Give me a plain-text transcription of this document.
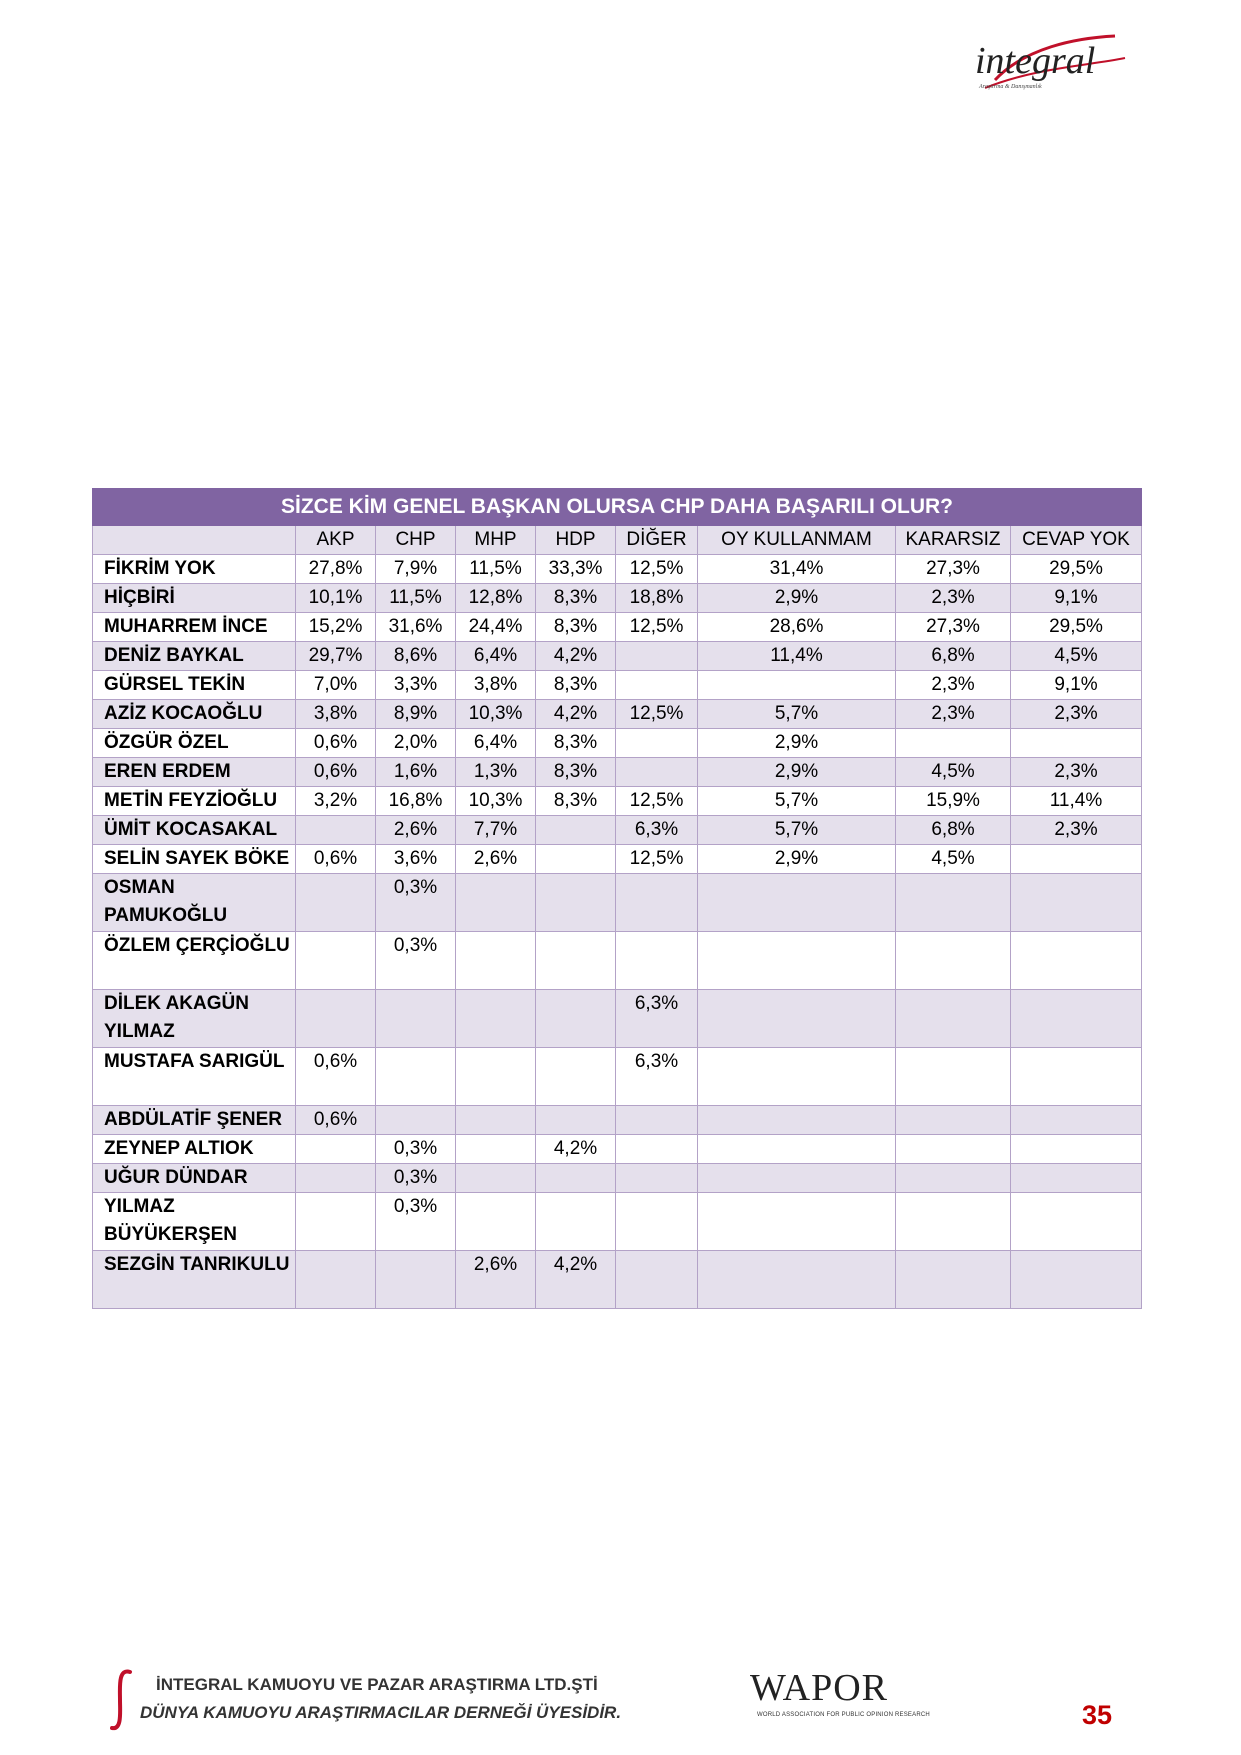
integral
Araştırma & Danışmanlık
SİZCE KİM GENEL BAŞKAN OLURSA CHP DAHA BAŞARILI OLUR?								
	AKP	CHP	MHP	HDP	DİĞER	OY KULLANMAM	KARARSIZ	CEVAP YOK
FİKRİM YOK	27,8%	7,9%	11,5%	33,3%	12,5%	31,4%	27,3%	29,5%
HİÇBİRİ	10,1%	11,5%	12,8%	8,3%	18,8%	2,9%	2,3%	9,1%
MUHARREM İNCE	15,2%	31,6%	24,4%	8,3%	12,5%	28,6%	27,3%	29,5%
DENİZ BAYKAL	29,7%	8,6%	6,4%	4,2%		11,4%	6,8%	4,5%
GÜRSEL TEKİN	7,0%	3,3%	3,8%	8,3%			2,3%	9,1%
AZİZ KOCAOĞLU	3,8%	8,9%	10,3%	4,2%	12,5%	5,7%	2,3%	2,3%
ÖZGÜR ÖZEL	0,6%	2,0%	6,4%	8,3%		2,9%		
EREN ERDEM	0,6%	1,6%	1,3%	8,3%		2,9%	4,5%	2,3%
METİN FEYZİOĞLU	3,2%	16,8%	10,3%	8,3%	12,5%	5,7%	15,9%	11,4%
ÜMİT KOCASAKAL		2,6%	7,7%		6,3%	5,7%	6,8%	2,3%
SELİN SAYEK BÖKE	0,6%	3,6%	2,6%		12,5%	2,9%	4,5%	
OSMAN PAMUKOĞLU		0,3%						
ÖZLEM ÇERÇİOĞLU		0,3%						
DİLEK AKAGÜN YILMAZ					6,3%			
MUSTAFA SARIGÜL	0,6%				6,3%			
ABDÜLATİF ŞENER	0,6%							
ZEYNEP ALTIOK		0,3%		4,2%				
UĞUR DÜNDAR		0,3%						
YILMAZ BÜYÜKERŞEN		0,3%						
SEZGİN TANRIKULU			2,6%	4,2%				
İNTEGRAL KAMUOYU VE PAZAR ARAŞTIRMA LTD.ŞTİ
DÜNYA KAMUOYU ARAŞTIRMACILAR DERNEĞİ ÜYESİDİR.
WAPOR
WORLD ASSOCIATION FOR PUBLIC OPINION RESEARCH	35
